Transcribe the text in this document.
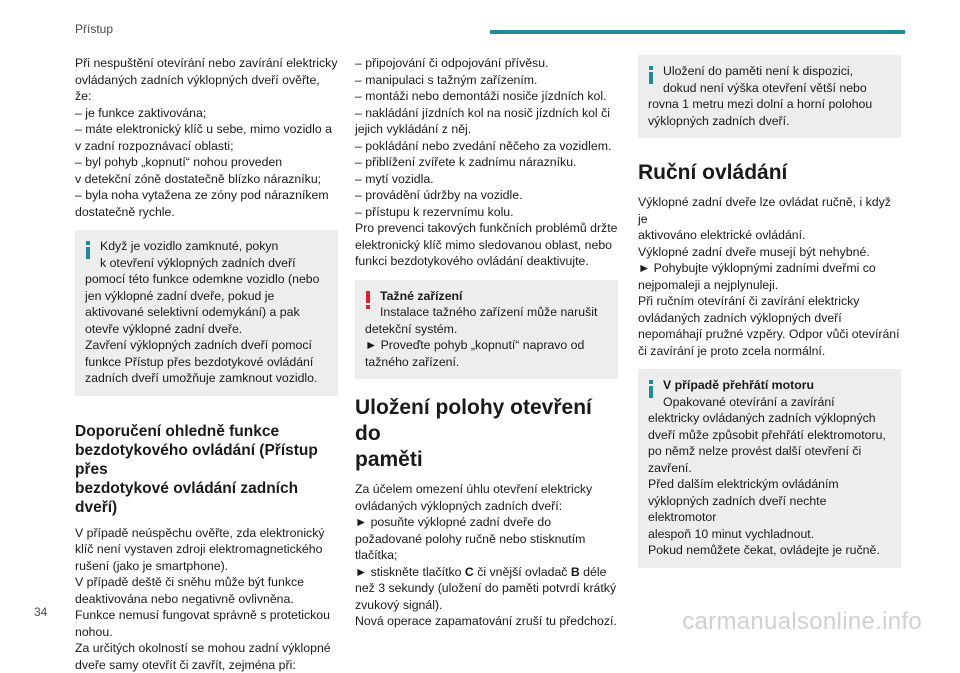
Přístup
Při nespuštění otevírání nebo zavírání elektricky
ovládaných zadních výklopných dveří ověřte, že:
– je funkce zaktivována;
– máte elektronický klíč u sebe, mimo vozidlo a
v zadní rozpoznávací oblasti;
– byl pohyb „kopnutí“ nohou proveden
v detekční zóně dostatečně blízko nárazníku;
– byla noha vytažena ze zóny pod nárazníkem
dostatečně rychle.
Když je vozidlo zamknuté, pokyn
k otevření výklopných zadních dveří
pomocí této funkce odemkne vozidlo (nebo
jen výklopné zadní dveře, pokud je
aktivované selektivní odemykání) a pak
otevře výklopné zadní dveře.
Zavření výklopných zadních dveří pomocí
funkce Přístup přes bezdotykové ovládání
zadních dveří umožňuje zamknout vozidlo.
Doporučení ohledně funkce
bezdotykového ovládání (Přístup přes
bezdotykové ovládání zadních dveří)
V případě neúspěchu ověřte, zda elektronický
klíč není vystaven zdroji elektromagnetického
rušení (jako je smartphone).
V případě deště či sněhu může být funkce
deaktivována nebo negativně ovlivněna.
Funkce nemusí fungovat správně s protetickou
nohou.
Za určitých okolností se mohou zadní výklopné
dveře samy otevřít či zavřít, zejména při:
– připojování či odpojování přívěsu.
– manipulaci s tažným zařízením.
– montáži nebo demontáži nosiče jízdních kol.
– nakládání jízdních kol na nosič jízdních kol či
jejich vykládání z něj.
– pokládání nebo zvedání něčeho za vozidlem.
– přiblížení zvířete k zadnímu nárazníku.
– mytí vozidla.
– provádění údržby na vozidle.
– přístupu k rezervnímu kolu.
Pro prevenci takových funkčních problémů držte
elektronický klíč mimo sledovanou oblast, nebo
funkci bezdotykového ovládání deaktivujte.
Tažné zařízení
Instalace tažného zařízení může narušit
detekční systém.
► Proveďte pohyb „kopnutí“ napravo od
tažného zařízení.
Uložení polohy otevření do
paměti
Za účelem omezení úhlu otevření elektricky
ovládaných výklopných zadních dveří:
► posuňte výklopné zadní dveře do
požadované polohy ručně nebo stisknutím
tlačítka;
► stiskněte tlačítko C či vnější ovladač B déle
než 3 sekundy (uložení do paměti potvrdí krátký
zvukový signál).
Nová operace zapamatování zruší tu předchozí.
Uložení do paměti není k dispozici,
dokud není výška otevření větší nebo
rovna 1 metru mezi dolní a horní polohou
výklopných zadních dveří.
Ruční ovládání
Výklopné zadní dveře lze ovládat ručně, i když je
aktivováno elektrické ovládání.
Výklopné zadní dveře musejí být nehybné.
► Pohybujte výklopnými zadními dveřmi co
nejpomaleji a nejplynuleji.
Při ručním otevírání či zavírání elektricky
ovládaných zadních výklopných dveří
nepomáhají pružné vzpěry. Odpor vůči otevírání
či zavírání je proto zcela normální.
V případě přehřátí motoru
Opakované otevírání a zavírání
elektricky ovládaných zadních výklopných
dveří může způsobit přehřátí elektromotoru,
po němž nelze provést další otevření či
zavření.
Před dalším elektrickým ovládáním
výklopných zadních dveří nechte elektromotor
alespoň 10 minut vychladnout.
Pokud nemůžete čekat, ovládejte je ručně.
34	carmanualsonline.info
